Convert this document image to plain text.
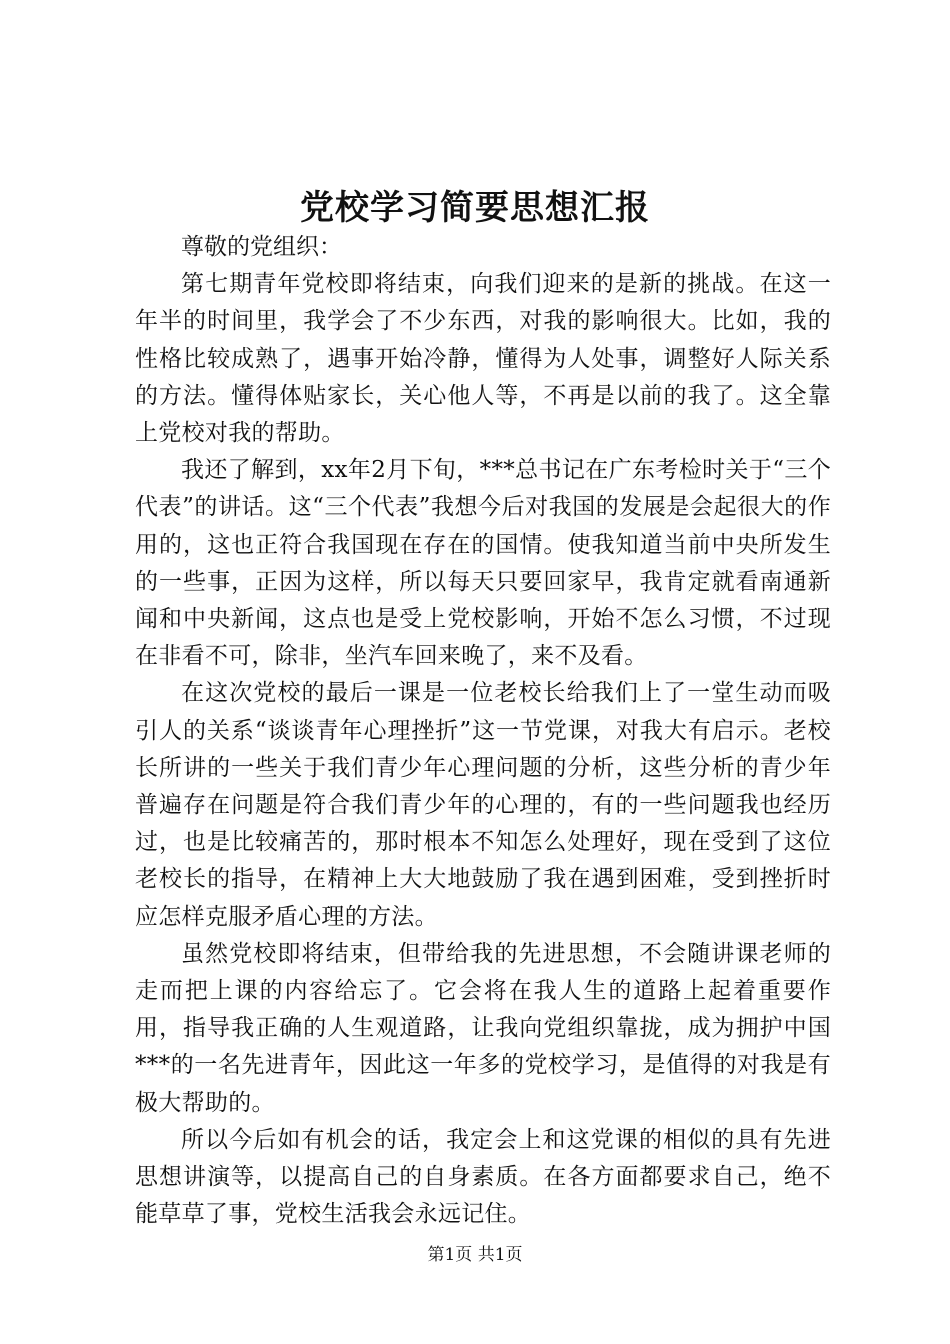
党校学习简要思想汇报

尊敬的党组织：

第七期青年党校即将结束，向我们迎来的是新的挑战。在这一年半的时间里，我学会了不少东西，对我的影响很大。比如，我的性格比较成熟了，遇事开始冷静，懂得为人处事，调整好人际关系的方法。懂得体贴家长，关心他人等，不再是以前的我了。这全靠上党校对我的帮助。

我还了解到，xx年2月下旬，***总书记在广东考检时关于“三个代表”的讲话。这“三个代表”我想今后对我国的发展是会起很大的作用的，这也正符合我国现在存在的国情。使我知道当前中央所发生的一些事，正因为这样，所以每天只要回家早，我肯定就看南通新闻和中央新闻，这点也是受上党校影响，开始不怎么习惯，不过现在非看不可，除非，坐汽车回来晚了，来不及看。

在这次党校的最后一课是一位老校长给我们上了一堂生动而吸引人的关系“谈谈青年心理挫折”这一节党课，对我大有启示。老校长所讲的一些关于我们青少年心理问题的分析，这些分析的青少年普遍存在问题是符合我们青少年的心理的，有的一些问题我也经历过，也是比较痛苦的，那时根本不知怎么处理好，现在受到了这位老校长的指导，在精神上大大地鼓励了我在遇到困难，受到挫折时应怎样克服矛盾心理的方法。

虽然党校即将结束，但带给我的先进思想，不会随讲课老师的走而把上课的内容给忘了。它会将在我人生的道路上起着重要作用，指导我正确的人生观道路，让我向党组织靠拢，成为拥护中国***的一名先进青年，因此这一年多的党校学习，是值得的对我是有极大帮助的。

所以今后如有机会的话，我定会上和这党课的相似的具有先进思想讲演等，以提高自己的自身素质。在各方面都要求自己，绝不能草草了事，党校生活我会永远记住。

第1页 共1页
